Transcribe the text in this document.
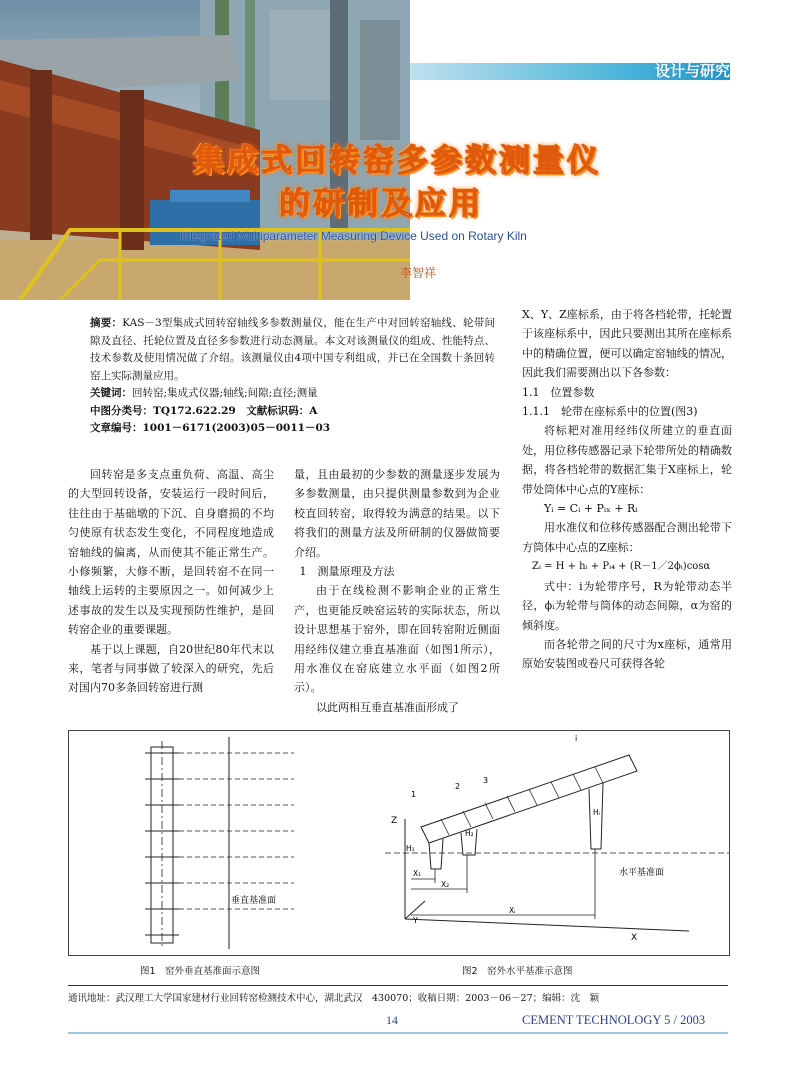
设计与研究
集成式回转窑多参数测量仪
的研制及应用
Integrated Multiparameter Measuring Device Used on Rotary Kiln
李智祥
摘要：KAS－3型集成式回转窑轴线多参数测量仪，能在生产中对回转窑轴线、轮带间隙及直径、托轮位置及直径多参数进行动态测量。本文对该测量仪的组成、性能特点、技术参数及使用情况做了介绍。该测量仪由4项中国专利组成，并已在全国数十条回转窑上实际测量应用。
关键词：回转窑;集成式仪器;轴线;间隙;直径;测量
中图分类号：TQ172.622.29　文献标识码：A
文章编号：1001－6171(2003)05－0011－03

回转窑是多支点重负荷、高温、高尘的大型回转设备，安装运行一段时间后，往往由于基础墩的下沉、自身磨损的不均匀使原有状态发生变化，不同程度地造成窑轴线的偏离，从而使其不能正常生产。小修频繁，大修不断，是回转窑不在同一轴线上运转的主要原因之一。如何减少上述事故的发生以及实现预防性维护，是回转窑企业的重要课题。

基于以上课题，自20世纪80年代末以来，笔者与同事做了较深入的研究，先后对国内70多条回转窑进行测

量，且由最初的少参数的测量逐步发展为多参数测量，由只提供测量参数到为企业校直回转窑，取得较为满意的结果。以下将我们的测量方法及所研制的仪器做简要介绍。

1　测量原理及方法

由于在线检测不影响企业的正常生产，也更能反映窑运转的实际状态，所以设计思想基于窑外，即在回转窑附近侧面用经纬仪建立垂直基准面（如图1所示），用水准仪在窑底建立水平面（如图2所示）。

以此两相互垂直基准面形成了

X、Y、Z座标系，由于将各档轮带，托轮置于该座标系中，因此只要测出其所在座标系中的精确位置，便可以确定窑轴线的情况，因此我们需要测出以下各参数：

1.1　位置参数

1.1.1　轮带在座标系中的位置(图3)

将标耙对准用经纬仪所建立的垂直面处，用位移传感器记录下轮带所处的精确数据，将各档轮带的数据汇集于X座标上，轮带处筒体中心点的Y座标：

Yᵢ = Cᵢ + Pᵢₓ + Rᵢ

用水准仪和位移传感器配合测出轮带下方筒体中心点的Z座标：

Zᵢ = H + hᵢ + Pᵢ₄ + (R－1／2ϕᵢ)cosα

式中：i为轮带序号，R为轮带动态半径，ϕᵢ为轮带与筒体的动态间隙，α为窑的倾斜度。

而各轮带之间的尺寸为x座标，通常用原始安装图或卷尺可获得各轮

垂直基准面
Z
Y
X
1
2
3
i
H₁
H₂
Hᵢ
X₁
X₂
Xᵢ
水平基准面
图1　窑外垂直基准面示意图	图2　窑外水平基准示意图
通讯地址：武汉理工大学国家建材行业回转窑检测技术中心，湖北武汉　430070；收稿日期：2003－06－27；编辑：沈　颖
14	CEMENT TECHNOLOGY 5 / 2003
